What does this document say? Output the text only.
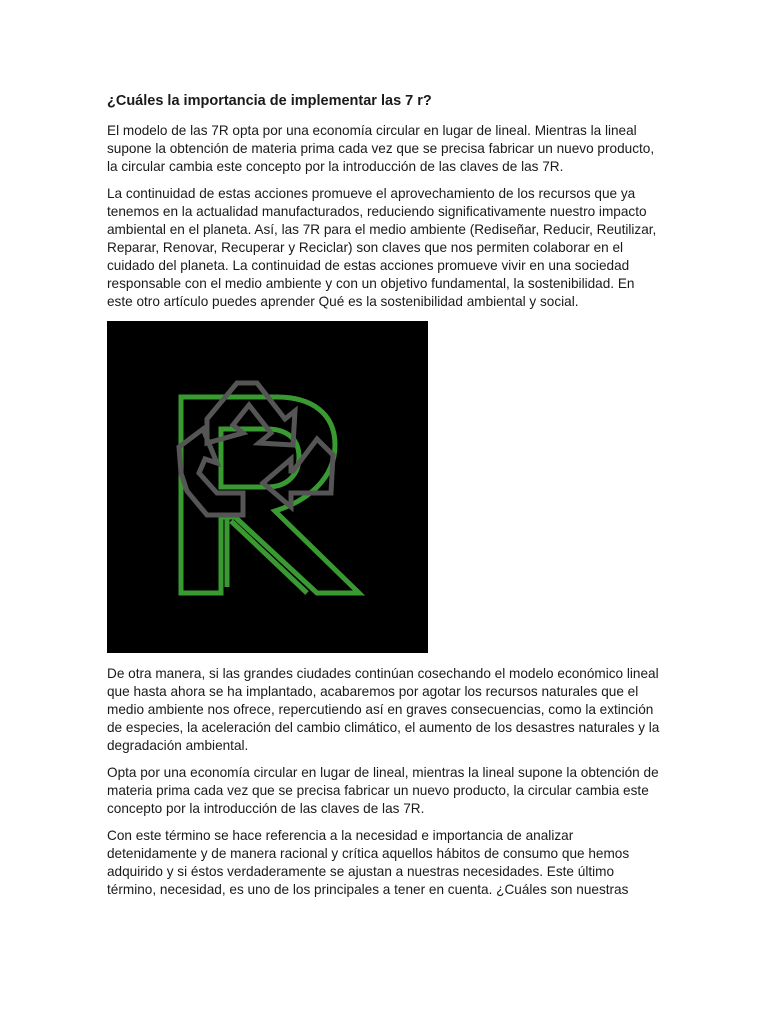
¿Cuáles la importancia de implementar las 7 r?

El modelo de las 7R opta por una economía circular en lugar de lineal. Mientras la lineal supone la obtención de materia prima cada vez que se precisa fabricar un nuevo producto, la circular cambia este concepto por la introducción de las claves de las 7R.

La continuidad de estas acciones promueve el aprovechamiento de los recursos que ya tenemos en la actualidad manufacturados, reduciendo significativamente nuestro impacto ambiental en el planeta. Así, las 7R para el medio ambiente (Rediseñar, Reducir, Reutilizar, Reparar, Renovar, Recuperar y Reciclar) son claves que nos permiten colaborar en el cuidado del planeta. La continuidad de estas acciones promueve vivir en una sociedad responsable con el medio ambiente y con un objetivo fundamental, la sostenibilidad. En este otro artículo puedes aprender Qué es la sostenibilidad ambiental y social.

De otra manera, si las grandes ciudades continúan cosechando el modelo económico lineal que hasta ahora se ha implantado, acabaremos por agotar los recursos naturales que el medio ambiente nos ofrece, repercutiendo así en graves consecuencias, como la extinción de especies, la aceleración del cambio climático, el aumento de los desastres naturales y la degradación ambiental.

Opta por una economía circular en lugar de lineal, mientras la lineal supone la obtención de materia prima cada vez que se precisa fabricar un nuevo producto, la circular cambia este concepto por la introducción de las claves de las 7R.

Con este término se hace referencia a la necesidad e importancia de analizar detenidamente y de manera racional y crítica aquellos hábitos de consumo que hemos adquirido y si éstos verdaderamente se ajustan a nuestras necesidades. Este último término, necesidad, es uno de los principales a tener en cuenta. ¿Cuáles son nuestras
